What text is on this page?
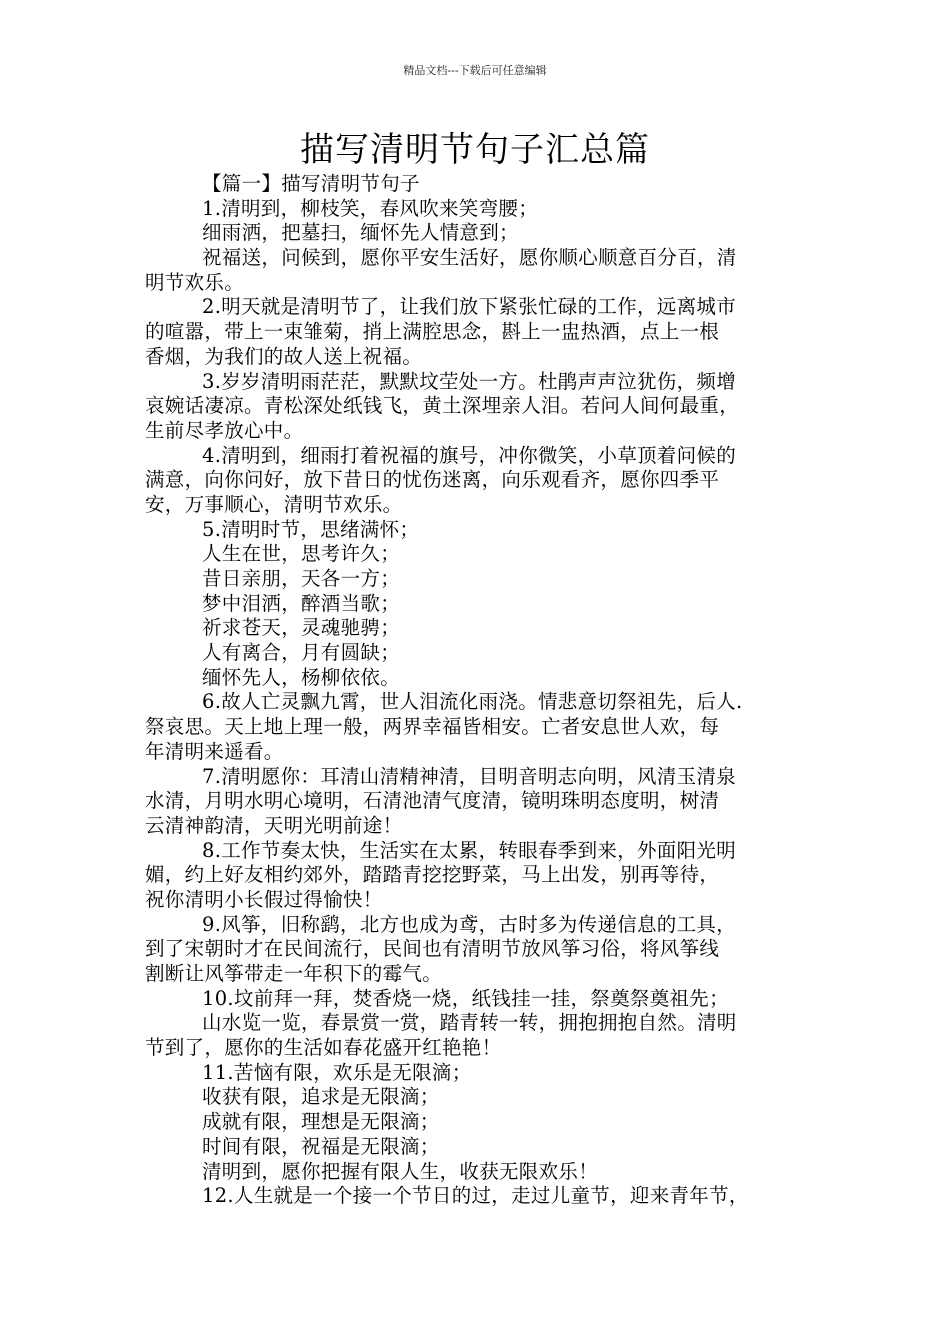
精品文档---下载后可任意编辑
描写清明节句子汇总篇
【篇一】描写清明节句子
1.清明到，柳枝笑，春风吹来笑弯腰；
细雨洒，把墓扫，缅怀先人情意到；
祝福送，问候到，愿你平安生活好，愿你顺心顺意百分百，清
明节欢乐。
2.明天就是清明节了，让我们放下紧张忙碌的工作，远离城市
的喧嚣，带上一束雏菊，捎上满腔思念，斟上一盅热酒，点上一根
香烟，为我们的故人送上祝福。
3.岁岁清明雨茫茫，默默坟茔处一方。杜鹃声声泣犹伤，频增
哀婉话凄凉。青松深处纸钱飞，黄土深埋亲人泪。若问人间何最重，
生前尽孝放心中。
4.清明到，细雨打着祝福的旗号，冲你微笑，小草顶着问候的
满意，向你问好，放下昔日的忧伤迷离，向乐观看齐，愿你四季平
安，万事顺心，清明节欢乐。
5.清明时节，思绪满怀；
人生在世，思考许久；
昔日亲朋，天各一方；
梦中泪洒，醉酒当歌；
祈求苍天，灵魂驰骋；
人有离合，月有圆缺；
缅怀先人，杨柳依依。
6.故人亡灵飘九霄，世人泪流化雨浇。情悲意切祭祖先，后人.
祭哀思。天上地上理一般，两界幸福皆相安。亡者安息世人欢，每
年清明来遥看。
7.清明愿你：耳清山清精神清，目明音明志向明，风清玉清泉
水清，月明水明心境明，石清池清气度清，镜明珠明态度明，树清
云清神韵清，天明光明前途！
8.工作节奏太快，生活实在太累，转眼春季到来，外面阳光明
媚，约上好友相约郊外，踏踏青挖挖野菜，马上出发，别再等待，
祝你清明小长假过得愉快！
9.风筝，旧称鹞，北方也成为鸢，古时多为传递信息的工具，
到了宋朝时才在民间流行，民间也有清明节放风筝习俗，将风筝线
割断让风筝带走一年积下的霉气。
10.坟前拜一拜，焚香烧一烧，纸钱挂一挂，祭奠祭奠祖先；
山水览一览，春景赏一赏，踏青转一转，拥抱拥抱自然。清明
节到了，愿你的生活如春花盛开红艳艳！
11.苦恼有限，欢乐是无限滴；
收获有限，追求是无限滴；
成就有限，理想是无限滴；
时间有限，祝福是无限滴；
清明到，愿你把握有限人生，收获无限欢乐！
12.人生就是一个接一个节日的过，走过儿童节，迎来青年节，
